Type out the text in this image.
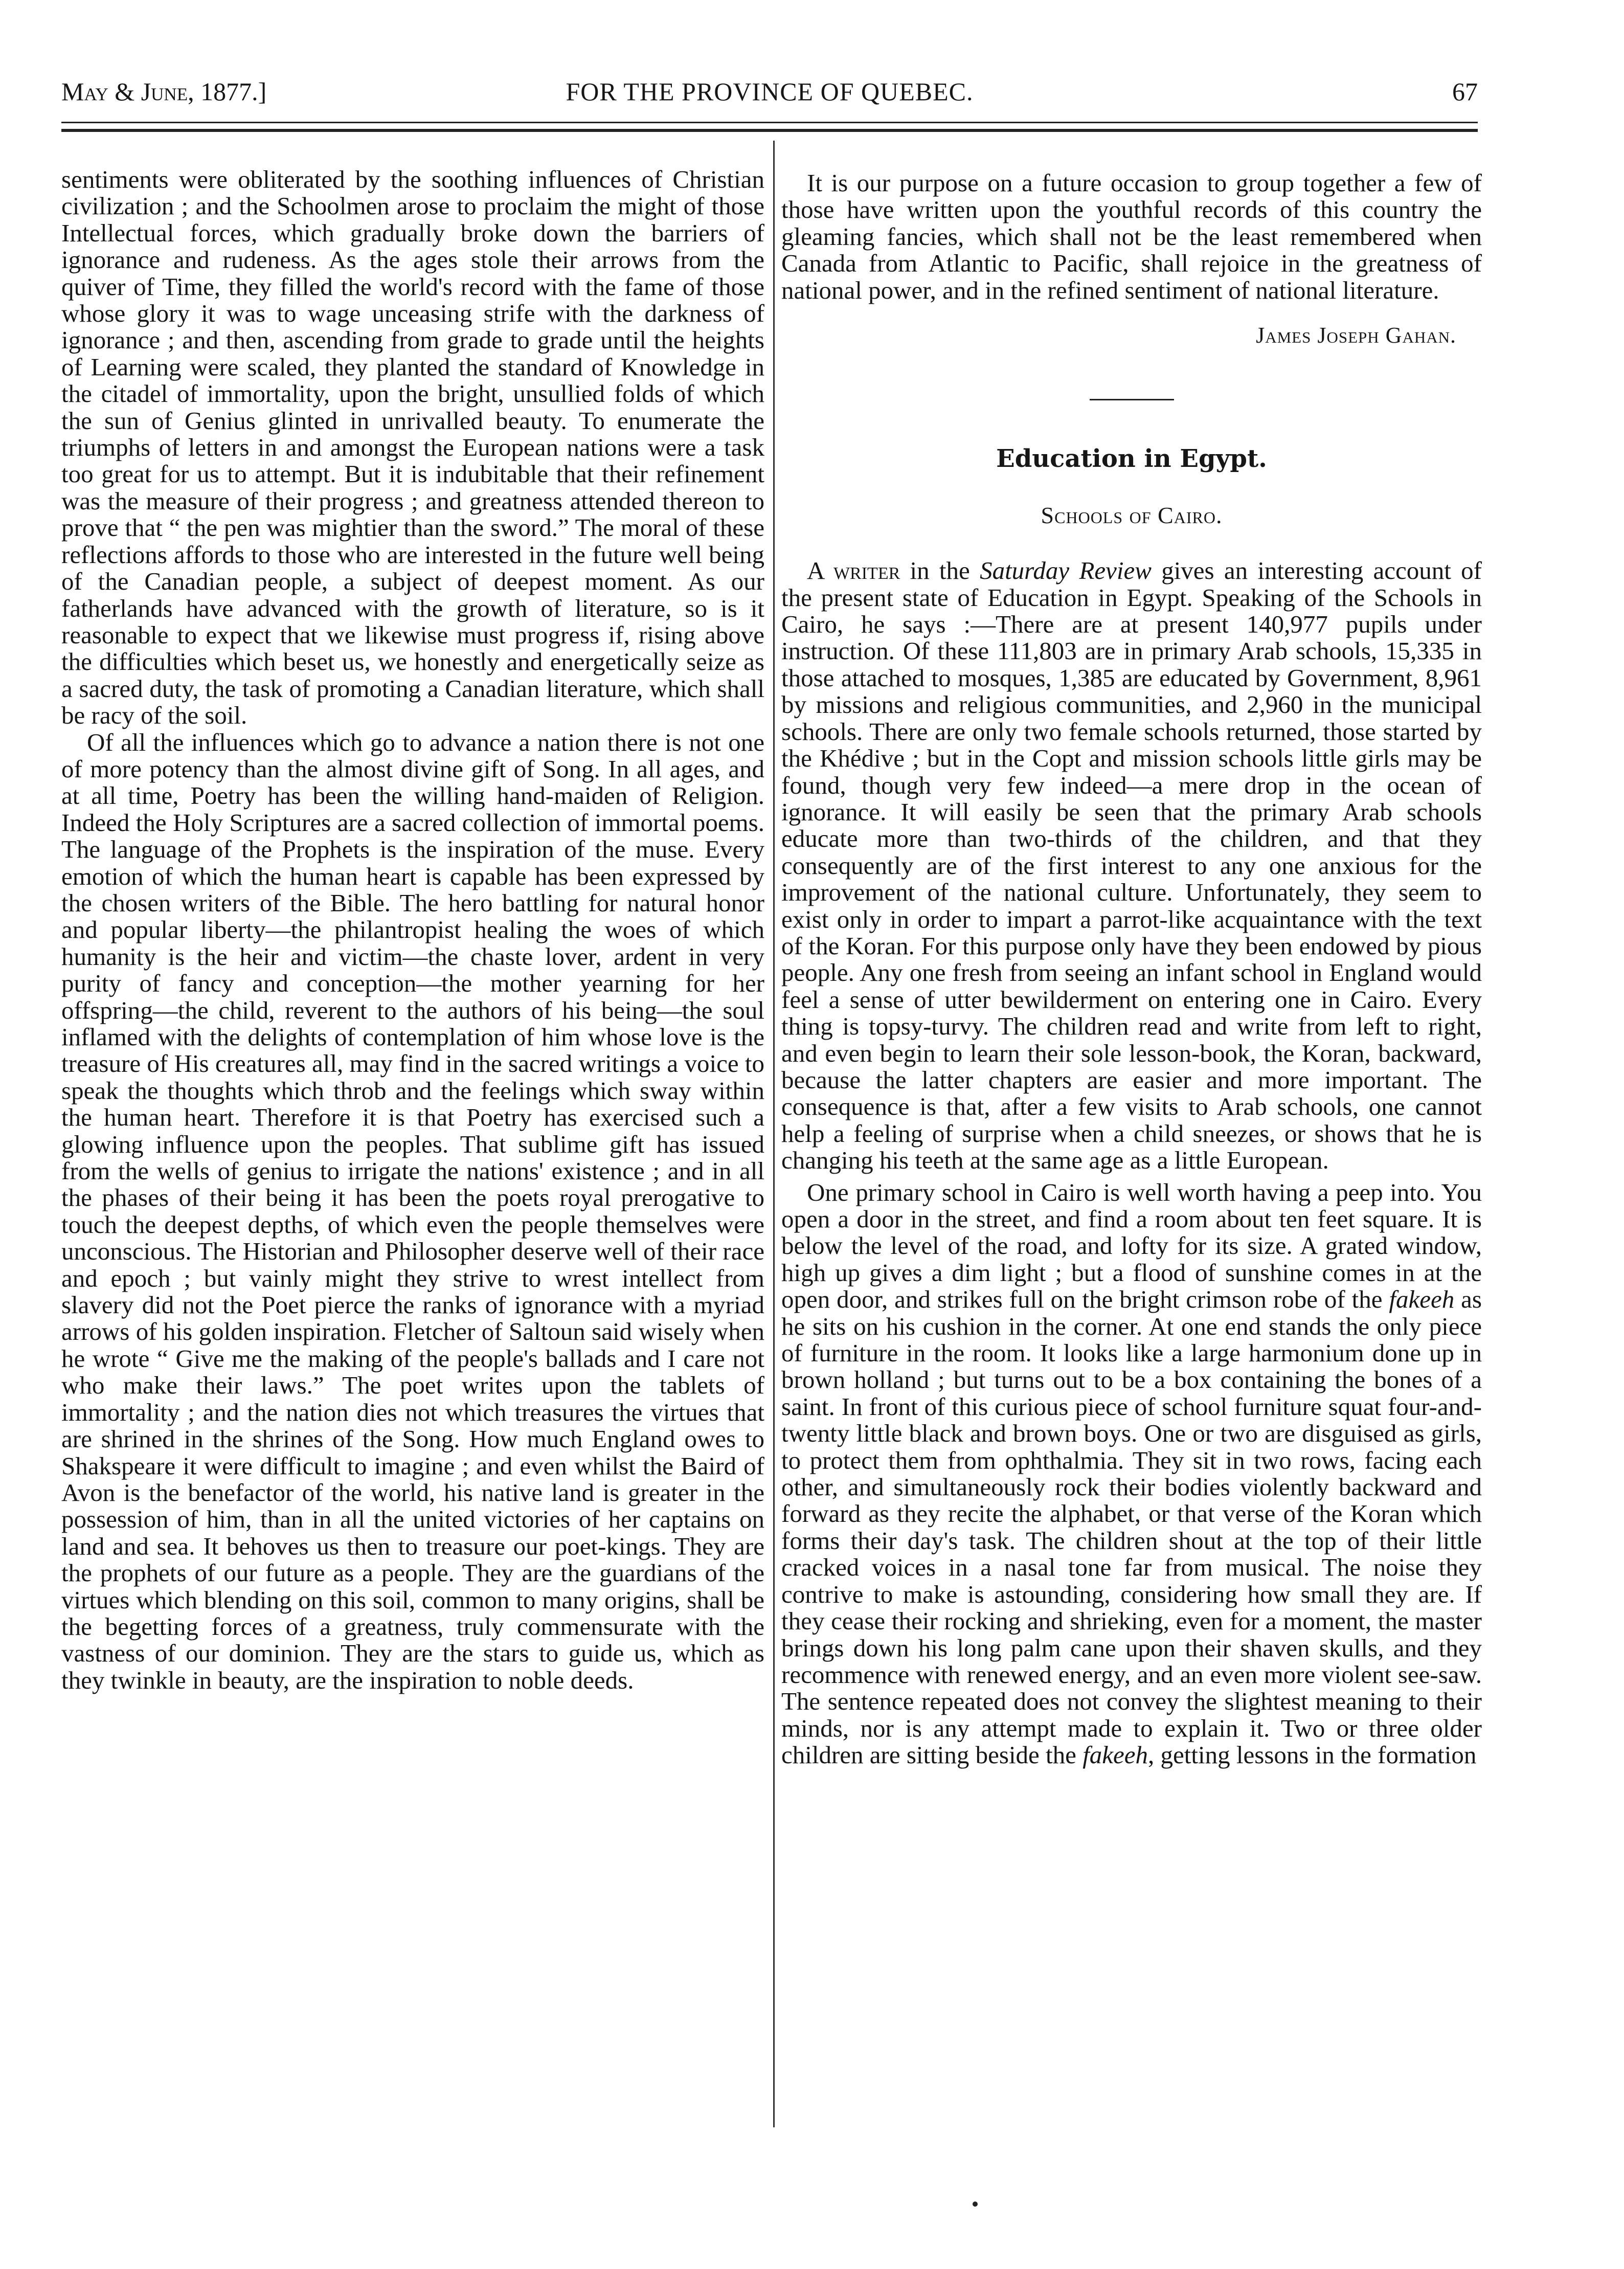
May & June, 1877.]	FOR THE PROVINCE OF QUEBEC.	67

sentiments were obliterated by the soothing influences of Christian civilization ; and the Schoolmen arose to proclaim the might of those Intellectual forces, which gradually broke down the barriers of ignorance and rudeness. As the ages stole their arrows from the quiver of Time, they filled the world's record with the fame of those whose glory it was to wage unceasing strife with the darkness of ignorance ; and then, ascending from grade to grade until the heights of Learning were scaled, they planted the standard of Knowledge in the citadel of immortality, upon the bright, unsullied folds of which the sun of Genius glinted in unrivalled beauty. To enumerate the triumphs of letters in and amongst the European nations were a task too great for us to attempt. But it is indubitable that their refinement was the measure of their progress ; and greatness attended thereon to prove that “ the pen was mightier than the sword.” The moral of these reflections affords to those who are interested in the future well being of the Canadian people, a subject of deepest moment. As our fatherlands have advanced with the growth of literature, so is it reasonable to expect that we likewise must progress if, rising above the difficulties which beset us, we honestly and energetically seize as a sacred duty, the task of promoting a Canadian literature, which shall be racy of the soil.

Of all the influences which go to advance a nation there is not one of more potency than the almost divine gift of Song. In all ages, and at all time, Poetry has been the willing hand-maiden of Religion. Indeed the Holy Scriptures are a sacred collection of immortal poems. The language of the Prophets is the inspiration of the muse. Every emotion of which the human heart is capable has been expressed by the chosen writers of the Bible. The hero battling for natural honor and popular liberty—the philantropist healing the woes of which humanity is the heir and victim—the chaste lover, ardent in very purity of fancy and conception—the mother yearning for her offspring—the child, reverent to the authors of his being—the soul inflamed with the delights of contemplation of him whose love is the treasure of His creatures all, may find in the sacred writings a voice to speak the thoughts which throb and the feelings which sway within the human heart. Therefore it is that Poetry has exercised such a glowing influence upon the peoples. That sublime gift has issued from the wells of genius to irrigate the nations' existence ; and in all the phases of their being it has been the poets royal prerogative to touch the deepest depths, of which even the people themselves were unconscious. The Historian and Philosopher deserve well of their race and epoch ; but vainly might they strive to wrest intellect from slavery did not the Poet pierce the ranks of ignorance with a myriad arrows of his golden inspiration. Fletcher of Saltoun said wisely when he wrote “ Give me the making of the people's ballads and I care not who make their laws.” The poet writes upon the tablets of immortality ; and the nation dies not which treasures the virtues that are shrined in the shrines of the Song. How much England owes to Shakspeare it were difficult to imagine ; and even whilst the Baird of Avon is the benefactor of the world, his native land is greater in the possession of him, than in all the united victories of her captains on land and sea. It behoves us then to treasure our poet-kings. They are the prophets of our future as a people. They are the guardians of the virtues which blending on this soil, common to many origins, shall be the begetting forces of a greatness, truly commensurate with the vastness of our dominion. They are the stars to guide us, which as they twinkle in beauty, are the inspiration to noble deeds.

It is our purpose on a future occasion to group together a few of those have written upon the youthful records of this country the gleaming fancies, which shall not be the least remembered when Canada from Atlantic to Pacific, shall rejoice in the greatness of national power, and in the refined sentiment of national literature.

James Joseph Gahan.
Education in Egypt.
Schools of Cairo.

A writer in the Saturday Review gives an interesting account of the present state of Education in Egypt. Speaking of the Schools in Cairo, he says :—There are at present 140,977 pupils under instruction. Of these 111,803 are in primary Arab schools, 15,335 in those attached to mosques, 1,385 are educated by Government, 8,961 by missions and religious communities, and 2,960 in the municipal schools. There are only two female schools returned, those started by the Khédive ; but in the Copt and mission schools little girls may be found, though very few indeed—a mere drop in the ocean of ignorance. It will easily be seen that the primary Arab schools educate more than two-thirds of the children, and that they consequently are of the first interest to any one anxious for the improvement of the national culture. Unfortunately, they seem to exist only in order to impart a parrot-like acquaintance with the text of the Koran. For this purpose only have they been endowed by pious people. Any one fresh from seeing an infant school in England would feel a sense of utter bewilderment on entering one in Cairo. Every thing is topsy-turvy. The children read and write from left to right, and even begin to learn their sole lesson-book, the Koran, backward, because the latter chapters are easier and more important. The consequence is that, after a few visits to Arab schools, one cannot help a feeling of surprise when a child sneezes, or shows that he is changing his teeth at the same age as a little European.

One primary school in Cairo is well worth having a peep into. You open a door in the street, and find a room about ten feet square. It is below the level of the road, and lofty for its size. A grated window, high up gives a dim light ; but a flood of sunshine comes in at the open door, and strikes full on the bright crimson robe of the fakeeh as he sits on his cushion in the corner. At one end stands the only piece of furniture in the room. It looks like a large harmonium done up in brown holland ; but turns out to be a box containing the bones of a saint. In front of this curious piece of school furniture squat four-and-twenty little black and brown boys. One or two are disguised as girls, to protect them from ophthalmia. They sit in two rows, facing each other, and simultaneously rock their bodies violently backward and forward as they recite the alphabet, or that verse of the Koran which forms their day's task. The children shout at the top of their little cracked voices in a nasal tone far from musical. The noise they contrive to make is astounding, considering how small they are. If they cease their rocking and shrieking, even for a moment, the master brings down his long palm cane upon their shaven skulls, and they recommence with renewed energy, and an even more violent see-saw. The sentence repeated does not convey the slightest meaning to their minds, nor is any attempt made to explain it. Two or three older children are sitting beside the fakeeh, getting lessons in the formation
